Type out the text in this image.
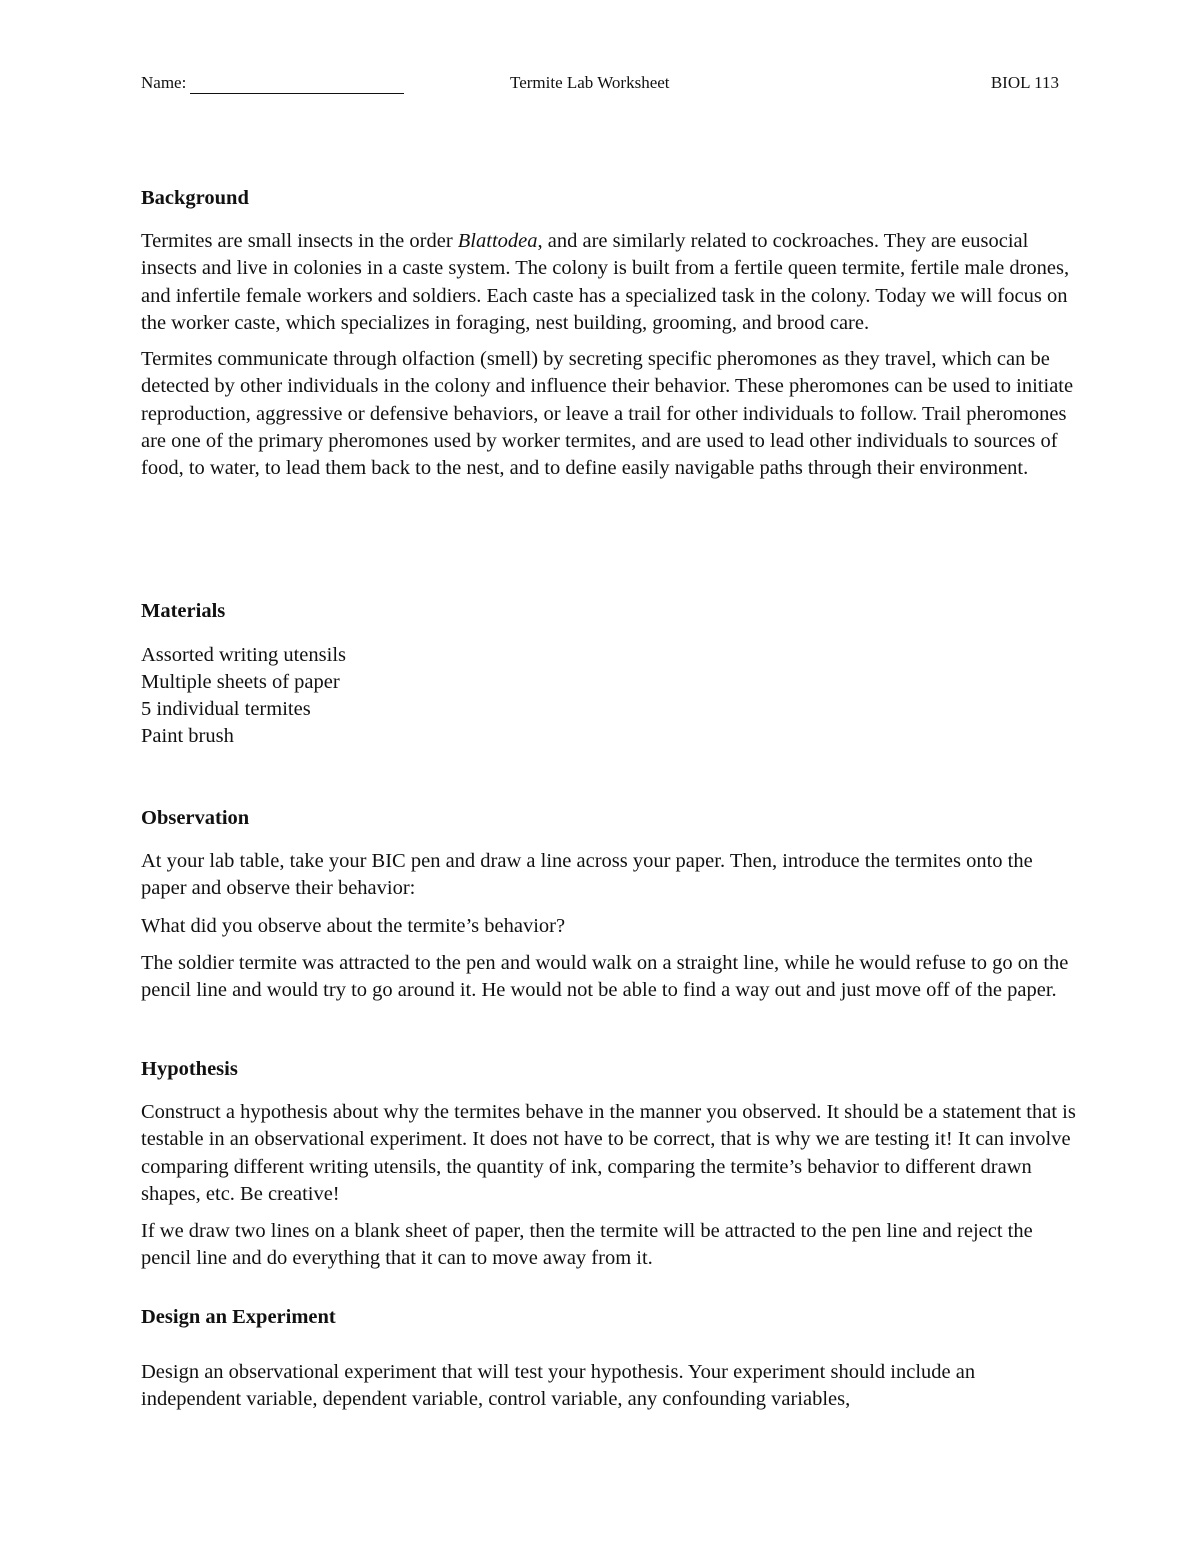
Name:	Termite Lab Worksheet	BIOL 113
Background

Termites are small insects in the order Blattodea, and are similarly related to cockroaches. They are eusocial insects and live in colonies in a caste system. The colony is built from a fertile queen termite, fertile male drones, and infertile female workers and soldiers. Each caste has a specialized task in the colony. Today we will focus on the worker caste, which specializes in foraging, nest building, grooming, and brood care.

Termites communicate through olfaction (smell) by secreting specific pheromones as they travel, which can be detected by other individuals in the colony and influence their behavior. These pheromones can be used to initiate reproduction, aggressive or defensive behaviors, or leave a trail for other individuals to follow. Trail pheromones are one of the primary pheromones used by worker termites, and are used to lead other individuals to sources of food, to water, to lead them back to the nest, and to define easily navigable paths through their environment.

Materials
Assorted writing utensils
Multiple sheets of paper
5 individual termites
Paint brush
Observation

At your lab table, take your BIC pen and draw a line across your paper. Then, introduce the termites onto the paper and observe their behavior:

What did you observe about the termite’s behavior?

The soldier termite was attracted to the pen and would walk on a straight line, while he would refuse to go on the pencil line and would try to go around it. He would not be able to find a way out and just move off of the paper.

Hypothesis

Construct a hypothesis about why the termites behave in the manner you observed. It should be a statement that is testable in an observational experiment. It does not have to be correct, that is why we are testing it! It can involve comparing different writing utensils, the quantity of ink, comparing the termite’s behavior to different drawn shapes, etc. Be creative!

If we draw two lines on a blank sheet of paper, then the termite will be attracted to the pen line and reject the pencil line and do everything that it can to move away from it.

Design an Experiment

Design an observational experiment that will test your hypothesis. Your experiment should include an independent variable, dependent variable, control variable, any confounding variables,
